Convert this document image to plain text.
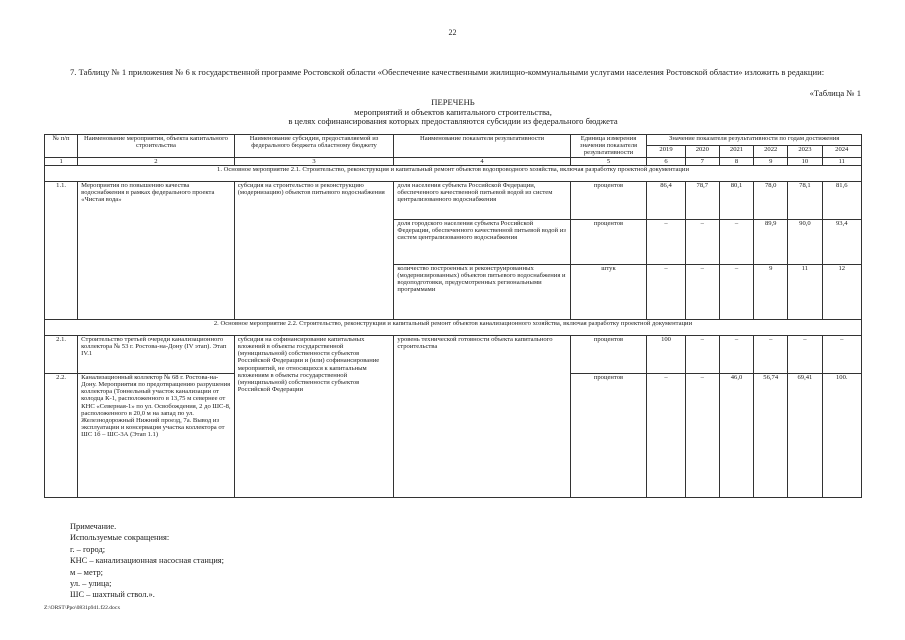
22
7. Таблицу № 1 приложения № 6 к государственной программе Ростовской области «Обеспечение качественными жилищно-коммунальными услугами населения Ростовской области» изложить в редакции:
«Таблица № 1
ПЕРЕЧЕНЬ
мероприятий и объектов капитального строительства,
в целях софинансирования которых предоставляются субсидии из федерального бюджета
№ п/п	Наименование мероприятия, объекта капитального строительства	Наименование субсидии, предоставляемой из федерального бюджета областному бюджету	Наименование показателя результативности	Единица измерения значения показателя результативности	Значение показателя результативности по годам достижения					
					2019	2020	2021	2022	2023	2024
1	2	3	4	5	6	7	8	9	10	11
1. Основное мероприятие 2.1. Строительство, реконструкция и капитальный ремонт объектов водопроводного хозяйства, включая разработку проектной документации										
1.1.	Мероприятия по повышению качества водоснабжения в рамках федерального проекта «Чистая вода»	субсидия на строительство и реконструкцию (модернизацию) объектов питьевого водоснабжения	доля населения субъекта Российской Федерации, обеспеченного качественной питьевой водой из систем централизованного водоснабжения	процентов	86,4	78,7	80,1	78,0	78,1	81,6
			доля городского населения субъекта Российской Федерации, обеспеченного качественной питьевой водой из систем централизованного водоснабжения	процентов	–	–	–	89,9	90,0	93,4
			количество построенных и реконструированных (модернизированных) объектов питьевого водоснабжения и водоподготовки, предусмотренных региональными программами	штук	–	–	–	9	11	12
2. Основное мероприятие 2.2. Строительство, реконструкция и капитальный ремонт объектов канализационного хозяйства, включая разработку проектной документации										
2.1.	Строительство третьей очереди канализационного коллектора № 53 г. Ростова-на-Дону (IV этап). Этап IV.1	субсидия на софинансирование капитальных вложений в объекты государственной (муниципальной) собственности субъектов Российской Федерации и (или) софинансирование мероприятий, не относящихся к капитальным вложениям в объекты государственной (муниципальной) собственности субъектов Российской Федерации	уровень технической готовности объекта капитального строительства	процентов	100	–	–	–	–	–
2.2.	Канализационный коллектор № 68 г. Ростова-на-Дону. Мероприятия по предотвращению разрушения коллектора (Тоннельный участок канализации от колодца К-1, расположенного в 13,75 м севернее от КНС «Северная-1» по ул. Освобождения, 2 до ШС-8, расположенного в 20,0 м на запад по ул. Железнодорожный Нижний проезд, 7а. Вывод из эксплуатации и консервация участка коллектора от ШС 1б – ШС-3А (Этап 1.1)			процентов	–	–	46,0	56,74	69,41	100.
Примечание.
Используемые сокращения:
г. – город;
КНС – канализационная насосная станция;
м – метр;
ул. – улица;
ШС – шахтный ствол.».
Z:\ORST\Ppo\0831p941.f22.docx
